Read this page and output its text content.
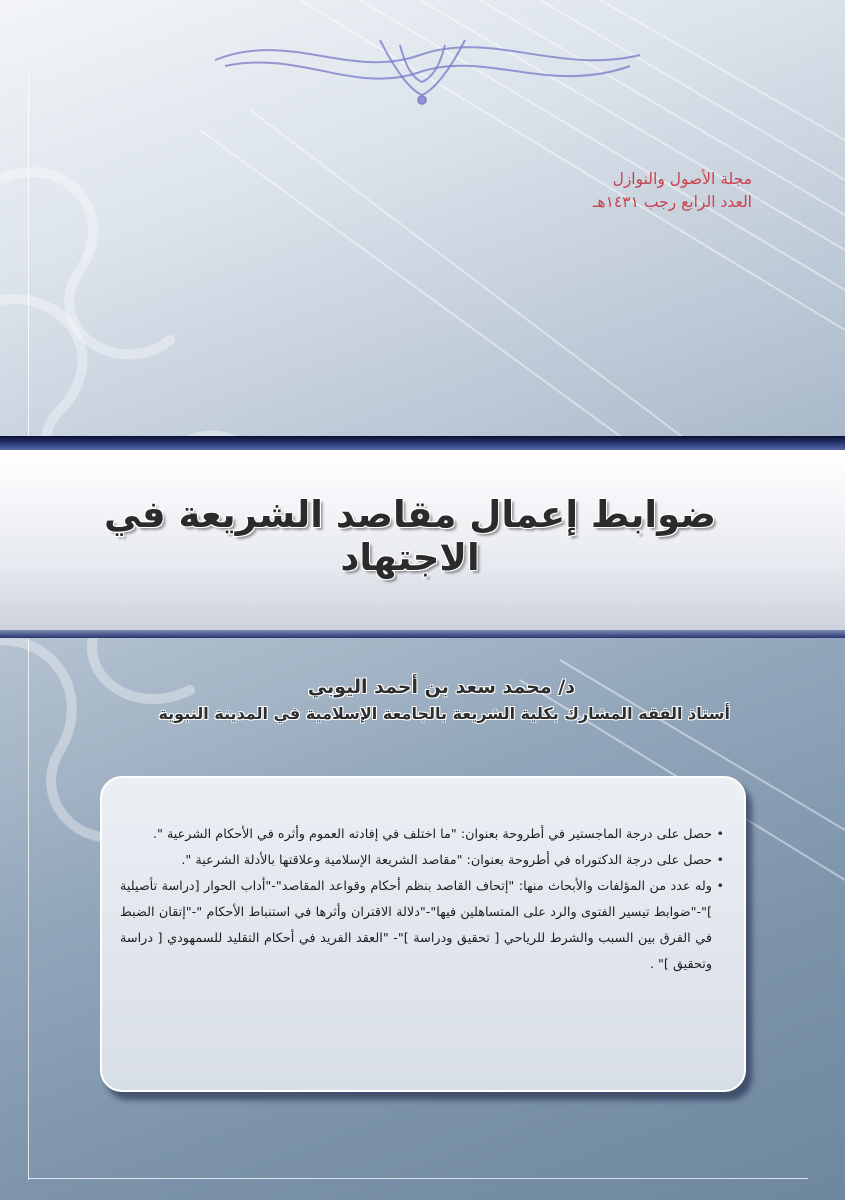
مجلة الأصول والنوازل
العدد الرابع رجب ١٤٣١هـ
ضوابط إعمال مقاصد الشريعة في الاجتهاد
د/ محمد سعد بن أحمد اليوبي
أستاذ الفقه المشارك بكلية الشريعة بالجامعة الإسلامية في المدينة النبوية
• حصل على درجة الماجستير في أطروحة بعنوان: "ما اختلف في إفادته العموم وأثره في الأحكام الشرعية ".
• حصل على درجة الدكتوراه في أطروحة بعنوان: "مقاصد الشريعة الإسلامية وعلاقتها بالأدلة الشرعية ".
• وله عدد من المؤلفات والأبحاث منها: "إتحاف القاصد بنظم أحكام وقواعد المقاصد"-"أداب الحوار [دراسة تأصيلية ]"-"ضوابط تيسير الفتوى والرد على المتساهلين فيها"-"دلالة الاقتران وأثرها في استنباط الأحكام "-"إتقان الضبط في الفرق بين السبب والشرط للرياحي [ تحقيق ودراسة ]"- "العقد الفريد في أحكام التقليد للسمهودي [ دراسة وتحقيق ]" .
